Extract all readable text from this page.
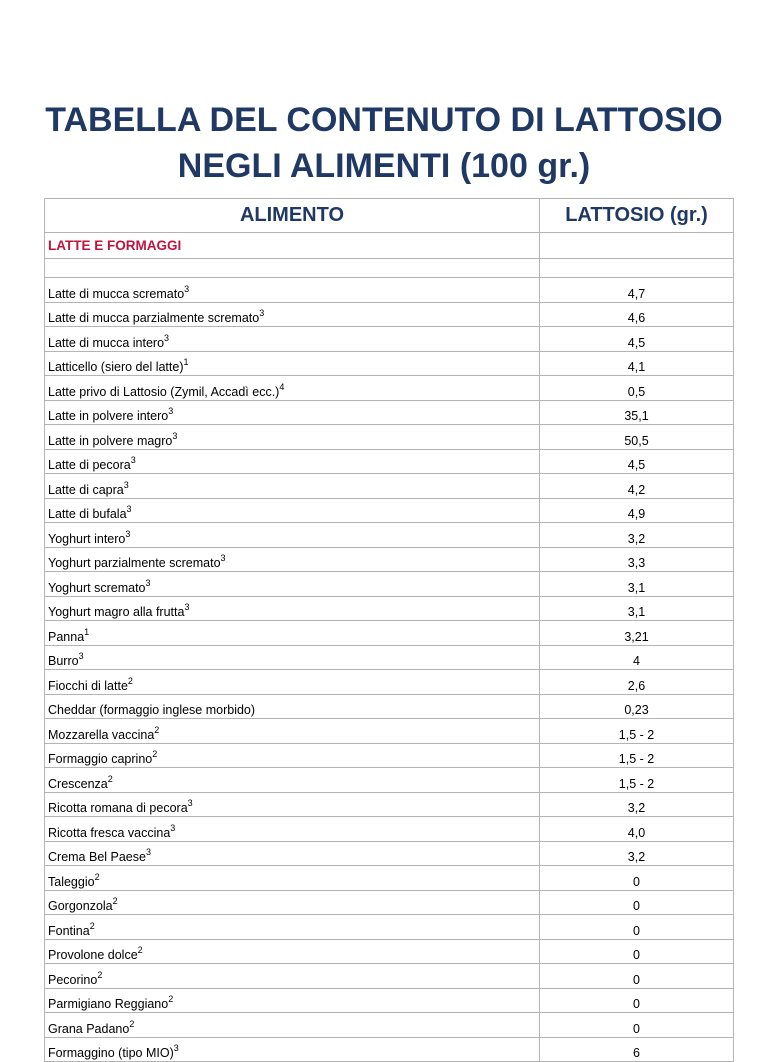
TABELLA DEL CONTENUTO DI LATTOSIO
NEGLI ALIMENTI (100 gr.)
ALIMENTO	LATTOSIO (gr.)
LATTE E FORMAGGI	

Latte di mucca scremato$^3$	4,7
Latte di mucca parzialmente scremato$^3$	4,6
Latte di mucca intero$^3$	4,5
Latticello (siero del latte)$^1$	4,1
Latte privo di Lattosio (Zymil, Accadì ecc.)$^4$	0,5
Latte in polvere intero$^3$	35,1
Latte in polvere magro$^3$	50,5
Latte di pecora$^3$	4,5
Latte di capra$^3$	4,2
Latte di bufala$^3$	4,9
Yoghurt intero$^3$	3,2
Yoghurt parzialmente scremato$^3$	3,3
Yoghurt scremato$^3$	3,1
Yoghurt magro alla frutta$^3$	3,1
Panna$^1$	3,21
Burro$^3$	4
Fiocchi di latte$^2$	2,6
Cheddar (formaggio inglese morbido)	0,23
Mozzarella vaccina$^2$	1,5 - 2
Formaggio caprino$^2$	1,5 - 2
Crescenza$^2$	1,5 - 2
Ricotta romana di pecora$^3$	3,2
Ricotta fresca vaccina$^3$	4,0
Crema Bel Paese$^3$	3,2
Taleggio$^2$	0
Gorgonzola$^2$	0
Fontina$^2$	0
Provolone dolce$^2$	0
Pecorino$^2$	0
Parmigiano Reggiano$^2$	0
Grana Padano$^2$	0
Formaggino (tipo MIO)$^3$	6
